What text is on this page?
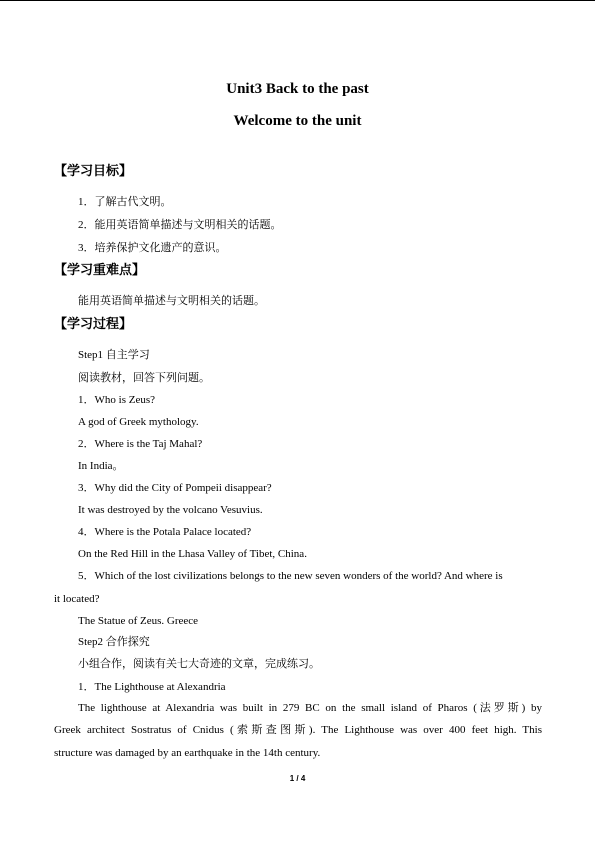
Unit3 Back to the past
Welcome to the unit
【学习目标】
1．了解古代文明。
2．能用英语简单描述与文明相关的话题。
3．培养保护文化遗产的意识。
【学习重难点】
能用英语简单描述与文明相关的话题。
【学习过程】
Step1 自主学习
阅读教材，回答下列问题。
1．Who is Zeus?
A god of Greek mythology.
2．Where is the Taj Mahal?
In India。
3．Why did the City of Pompeii disappear?
It was destroyed by the volcano Vesuvius.
4．Where is the Potala Palace located?
On the Red Hill in the Lhasa Valley of Tibet, China.
5．Which of the lost civilizations belongs to the new seven wonders of the world? And where is
it located?
The Statue of Zeus. Greece
Step2 合作探究
小组合作，阅读有关七大奇迹的文章，完成练习。
1．The Lighthouse at Alexandria
The lighthouse at Alexandria was built in 279 BC on the small island of Pharos (法罗斯) by
Greek architect Sostratus of Cnidus (索斯查图斯). The Lighthouse was over 400 feet high. This
structure was damaged by an earthquake in the 14th century.
1 / 4
